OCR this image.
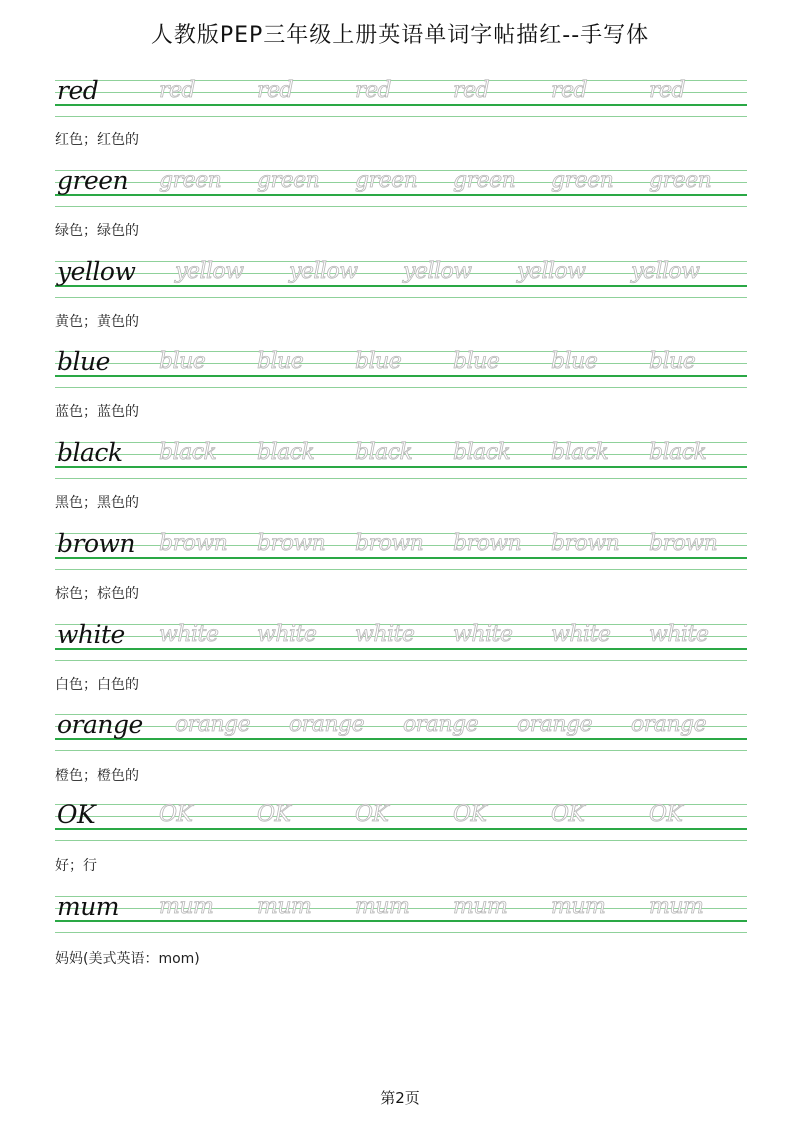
人教版PEP三年级上册英语单词字帖描红--手写体
red	red	red	red	red	red	red
红色；红色的
green green green green green green green
绿色；绿色的
yellow yellow yellow yellow yellow yellow
黄色；黄色的
blue blue blue blue blue blue blue
蓝色；蓝色的
black black black black black black black
黑色；黑色的
brown brown brown brown brown brown brown
棕色；棕色的
white white white white white white white
白色；白色的
orange orange orange orange orange orange
橙色；橙色的
OK	OK	OK	OK	OK	OK	OK
好；行
mum mum mum mum mum mum mum
妈妈(美式英语：mom)
第2页
